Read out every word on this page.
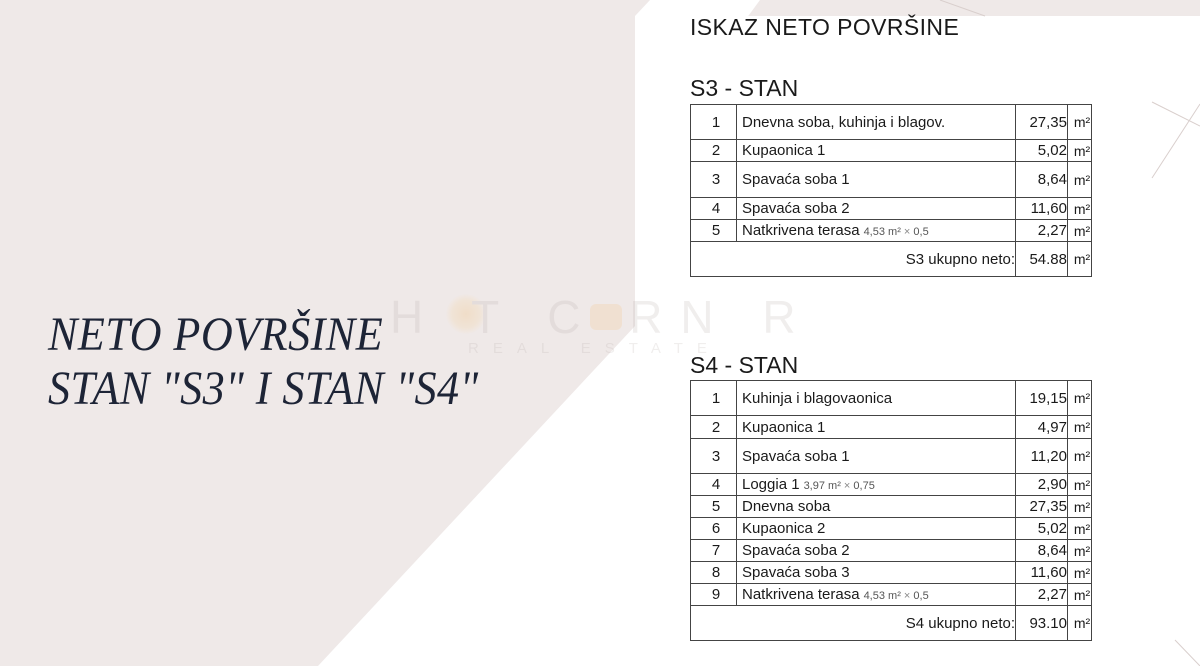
NETO POVRŠINE
STAN "S3" I STAN "S4"
H T C RN R
REAL ESTATE
ISKAZ NETO POVRŠINE
S3 - STAN
1	Dnevna soba, kuhinja i blagov.	27,35	m²
2	Kupaonica 1	5,02	m²
3	Spavaća soba 1	8,64	m²
4	Spavaća soba 2	11,60	m²
5	Natkrivena terasa 4,53 m² × 0,5	2,27	m²
S3 ukupno neto:		54.88	m²
S4 - STAN
1	Kuhinja i blagovaonica	19,15	m²
2	Kupaonica 1	4,97	m²
3	Spavaća soba 1	11,20	m²
4	Loggia 1 3,97 m² × 0,75	2,90	m²
5	Dnevna soba	27,35	m²
6	Kupaonica 2	5,02	m²
7	Spavaća soba 2	8,64	m²
8	Spavaća soba 3	11,60	m²
9	Natkrivena terasa 4,53 m² × 0,5	2,27	m²
S4 ukupno neto:		93.10	m²
